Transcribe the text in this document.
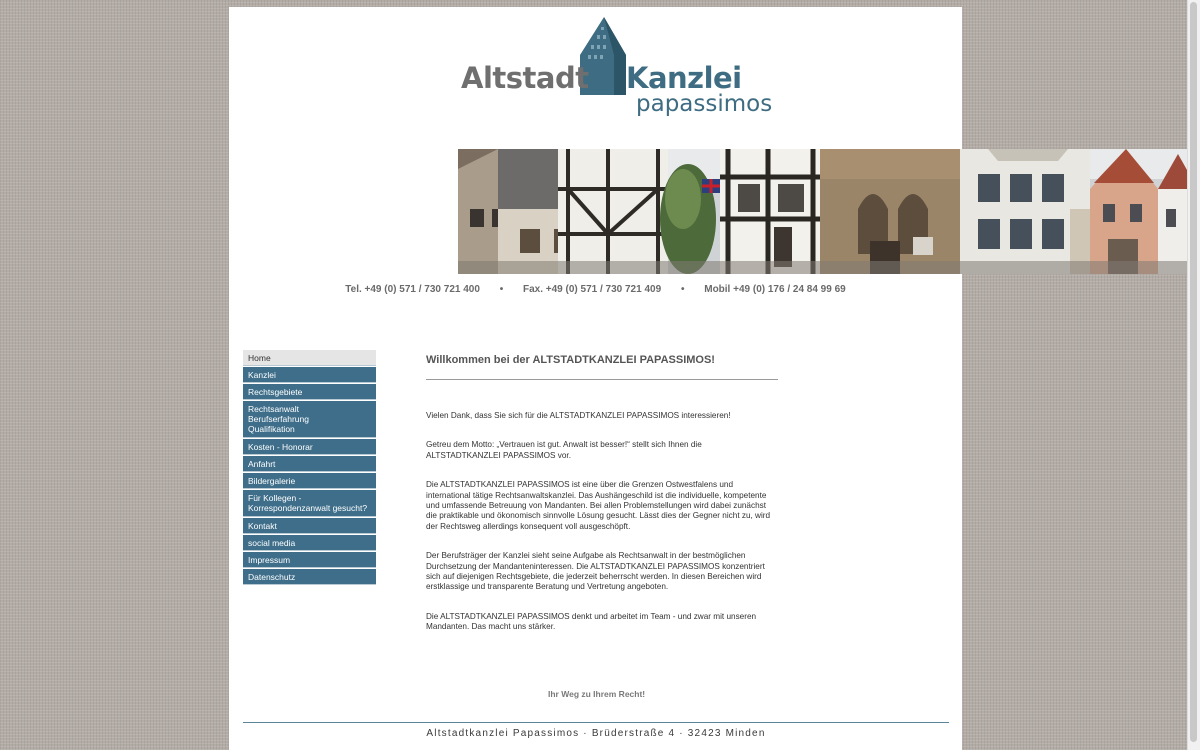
Altstadt Kanzlei
papassimos
Tel. +49 (0) 571 / 730 721 400 • Fax. +49 (0) 571 / 730 721 409 • Mobil +49 (0) 176 / 24 84 99 69
Home
Kanzlei
Rechtsgebiete
Rechtsanwalt
Berufserfahrung
Qualifikation
Kosten - Honorar
Anfahrt
Bildergalerie
Für Kollegen -
Korrespondenzanwalt gesucht?
Kontakt
social media
Impressum
Datenschutz
Willkommen bei der ALTSTADTKANZLEI PAPASSIMOS!

Vielen Dank, dass Sie sich für die ALTSTADTKANZLEI PAPASSIMOS interessieren!

Getreu dem Motto: „Vertrauen ist gut. Anwalt ist besser!“ stellt sich Ihnen die ALTSTADTKANZLEI PAPASSIMOS vor.

Die ALTSTADTKANZLEI PAPASSIMOS ist eine über die Grenzen Ostwestfalens und international tätige Rechtsanwaltskanzlei. Das Aushängeschild ist die individuelle, kompetente und umfassende Betreuung von Mandanten. Bei allen Problemstellungen wird dabei zunächst die praktikable und ökonomisch sinnvolle Lösung gesucht. Lässt dies der Gegner nicht zu, wird der Rechtsweg allerdings konsequent voll ausgeschöpft.

Der Berufsträger der Kanzlei sieht seine Aufgabe als Rechtsanwalt in der bestmöglichen Durchsetzung der Mandanteninteressen. Die ALTSTADTKANZLEI PAPASSIMOS konzentriert sich auf diejenigen Rechtsgebiete, die jederzeit beherrscht werden. In diesen Bereichen wird erstklassige und transparente Beratung und Vertretung angeboten.

Die ALTSTADTKANZLEI PAPASSIMOS denkt und arbeitet im Team - und zwar mit unseren Mandanten. Das macht uns stärker.

Ihr Weg zu Ihrem Recht!
Altstadtkanzlei Papassimos · Brüderstraße 4 · 32423 Minden
